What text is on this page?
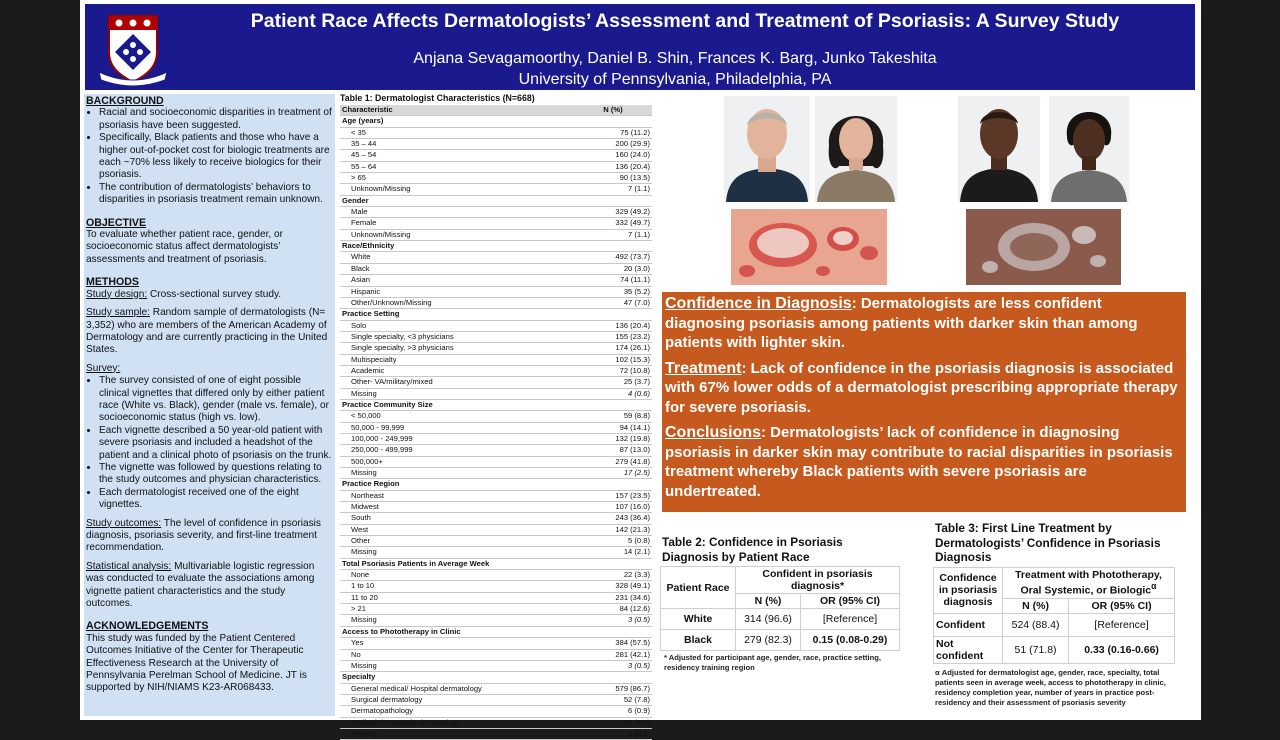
Patient Race Affects Dermatologists’ Assessment and Treatment of Psoriasis: A Survey Study
Anjana Sevagamoorthy, Daniel B. Shin, Frances K. Barg, Junko Takeshita
University of Pennsylvania, Philadelphia, PA
BACKGROUND
• Racial and socioeconomic disparities in treatment of psoriasis have been suggested.
• Specifically, Black patients and those who have a higher out-of-pocket cost for biologic treatments are each ~70% less likely to receive biologics for their psoriasis.
• The contribution of dermatologists’ behaviors to disparities in psoriasis treatment remain unknown.
OBJECTIVE
To evaluate whether patient race, gender, or socioeconomic status affect dermatologists’ assessments and treatment of psoriasis.
METHODS
Study design: Cross-sectional survey study.
Study sample: Random sample of dermatologists (N= 3,352) who are members of the American Academy of Dermatology and are currently practicing in the United States.
Survey:
• The survey consisted of one of eight possible clinical vignettes that differed only by either patient race (White vs. Black), gender (male vs. female), or socioeconomic status (high vs. low).
• Each vignette described a 50 year-old patient with severe psoriasis and included a headshot of the patient and a clinical photo of psoriasis on the trunk.
• The vignette was followed by questions relating to the study outcomes and physician characteristics.
• Each dermatologist received one of the eight vignettes.
Study outcomes: The level of confidence in psoriasis diagnosis, psoriasis severity, and first-line treatment recommendation.
Statistical analysis: Multivariable logistic regression was conducted to evaluate the associations among vignette patient characteristics and the study outcomes.
ACKNOWLEDGEMENTS
This study was funded by the Patient Centered Outcomes Initiative of the Center for Therapeutic Effectiveness Research at the University of Pennsylvania Perelman School of Medicine. JT is supported by NIH/NIAMS K23-AR068433.
Table 1: Dermatologist Characteristics (N=668)
Characteristic	N (%)
Age (years)	
< 35	75 (11.2)
35 – 44	200 (29.9)
45 – 54	160 (24.0)
55 – 64	136 (20.4)
> 65	90 (13.5)
Unknown/Missing	7 (1.1)
Gender	
Male	329 (49.2)
Female	332 (49.7)
Unknown/Missing	7 (1.1)
Race/Ethnicity	
White	492 (73.7)
Black	20 (3.0)
Asian	74 (11.1)
Hispanic	35 (5.2)
Other/Unknown/Missing	47 (7.0)
Practice Setting	
Solo	136 (20.4)
Single specialty, <3 physicians	155 (23.2)
Single specialty, >3 physicians	174 (26.1)
Multispecialty	102 (15.3)
Academic	72 (10.8)
Other- VA/military/mixed	25 (3.7)
Missing	4 (0.6)
Practice Community Size	
< 50,000	59 (8.8)
50,000 - 99,999	94 (14.1)
100,000 - 249,999	132 (19.8)
250,000 - 499,999	87 (13.0)
500,000+	279 (41.8)
Missing	17 (2.5)
Practice Region	
Northeast	157 (23.5)
Midwest	107 (16.0)
South	243 (36.4)
West	142 (21.3)
Other	5 (0.8)
Missing	14 (2.1)
Total Psoriasis Patients in Average Week	
None	22 (3.3)
1 to 10	328 (49.1)
11 to 20	231 (34.6)
> 21	84 (12.6)
Missing	3 (0.5)
Access to Phototherapy in Clinic	
Yes	384 (57.5)
No	281 (42.1)
Missing	3 (0.5)
Specialty	
General medical/ Hospital dermatology	579 (86.7)
Surgical dermatology	52 (7.8)
Dermatopathology	6 (0.9)
Pediatric/ Cosmetic dermatology	28 (4.2)
Missing	3 (0.5)

Confidence in Diagnosis: Dermatologists are less confident diagnosing psoriasis among patients with darker skin than among patients with lighter skin.

Treatment: Lack of confidence in the psoriasis diagnosis is associated with 67% lower odds of a dermatologist prescribing appropriate therapy for severe psoriasis.

Conclusions: Dermatologists’ lack of confidence in diagnosing psoriasis in darker skin may contribute to racial disparities in psoriasis treatment whereby Black patients with severe psoriasis are undertreated.

Table 2: Confidence in Psoriasis Diagnosis by Patient Race
Patient Race	Confident in psoriasis diagnosis*	
	N (%)	OR (95% CI)
White	314 (96.6)	[Reference]
Black	279 (82.3)	0.15 (0.08-0.29)
* Adjusted for participant age, gender, race, practice setting, residency training region
Table 3: First Line Treatment by Dermatologists’ Confidence in Psoriasis Diagnosis
Confidence in psoriasis diagnosis	Treatment with Phototherapy, Oral Systemic, or Biologic$^\alpha$
	N (%)	OR (95% CI)
Confident	524 (88.4)	[Reference]
Not confident	51 (71.8)	0.33 (0.16-0.66)
α Adjusted for dermatologist age, gender, race, specialty, total patients seen in average week, access to phototherapy in clinic, residency completion year, number of years in practice post-residency and their assessment of psoriasis severity
